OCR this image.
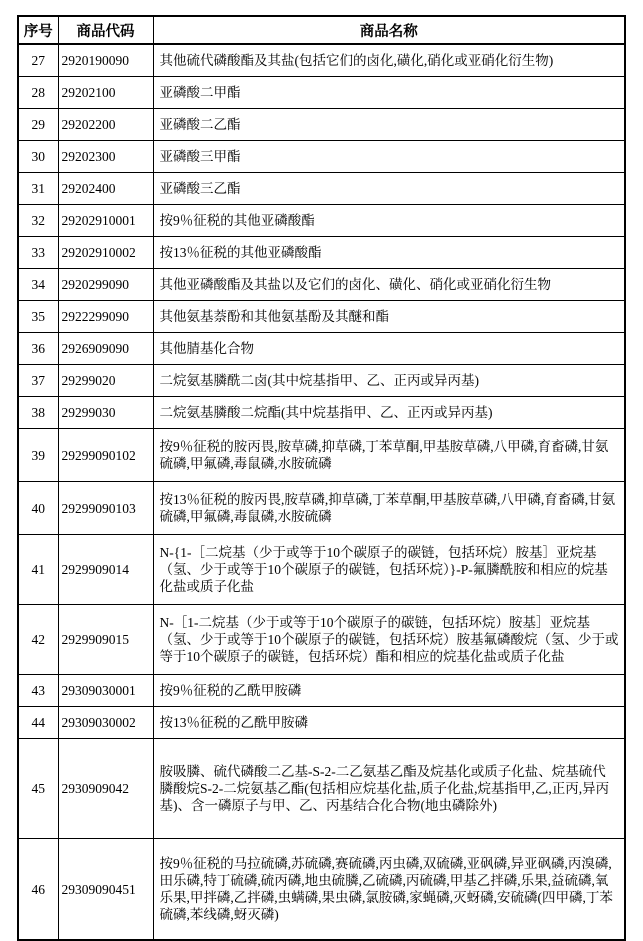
序号	商品代码	商品名称
27	2920190090	其他硫代磷酸酯及其盐(包括它们的卤化,磺化,硝化或亚硝化衍生物)
28	29202100	亚磷酸二甲酯
29	29202200	亚磷酸二乙酯
30	29202300	亚磷酸三甲酯
31	29202400	亚磷酸三乙酯
32	29202910001	按9％征税的其他亚磷酸酯
33	29202910002	按13％征税的其他亚磷酸酯
34	2920299090	其他亚磷酸酯及其盐以及它们的卤化、磺化、硝化或亚硝化衍生物
35	2922299090	其他氨基萘酚和其他氨基酚及其醚和酯
36	2926909090	其他腈基化合物
37	29299020	二烷氨基膦酰二卤(其中烷基指甲、乙、正丙或异丙基)
38	29299030	二烷氨基膦酸二烷酯(其中烷基指甲、乙、正丙或异丙基)
39	29299090102	按9％征税的胺丙畏,胺草磷,抑草磷,丁苯草酮,甲基胺草磷,八甲磷,育畜磷,甘氨硫磷,甲氟磷,毒鼠磷,水胺硫磷
40	29299090103	按13％征税的胺丙畏,胺草磷,抑草磷,丁苯草酮,甲基胺草磷,八甲磷,育畜磷,甘氨硫磷,甲氟磷,毒鼠磷,水胺硫磷
41	2929909014	N-{1-［二烷基（少于或等于10个碳原子的碳链，包括环烷）胺基］亚烷基（氢、少于或等于10个碳原子的碳链，包括环烷）}-P-氟膦酰胺和相应的烷基化盐或质子化盐
42	2929909015	N-［1-二烷基（少于或等于10个碳原子的碳链，包括环烷）胺基］亚烷基（氢、少于或等于10个碳原子的碳链，包括环烷）胺基氟磷酸烷（氢、少于或等于10个碳原子的碳链，包括环烷）酯和相应的烷基化盐或质子化盐
43	29309030001	按9％征税的乙酰甲胺磷
44	29309030002	按13％征税的乙酰甲胺磷
45	2930909042	胺吸膦、硫代磷酸二乙基-S-2-二乙氨基乙酯及烷基化或质子化盐、烷基硫代膦酸烷S-2-二烷氨基乙酯(包括相应烷基化盐,质子化盐,烷基指甲,乙,正丙,异丙基)、含一磷原子与甲、乙、丙基结合化合物(地虫磷除外)
46	29309090451	按9％征税的马拉硫磷,苏硫磷,赛硫磷,丙虫磷,双硫磷,亚砜磷,异亚砜磷,丙溴磷,田乐磷,特丁硫磷,硫丙磷,地虫硫膦,乙硫磷,丙硫磷,甲基乙拌磷,乐果,益硫磷,氧乐果,甲拌磷,乙拌磷,虫螨磷,果虫磷,氯胺磷,家蝇磷,灭蚜磷,安硫磷(四甲磷,丁苯硫磷,苯线磷,蚜灭磷)
